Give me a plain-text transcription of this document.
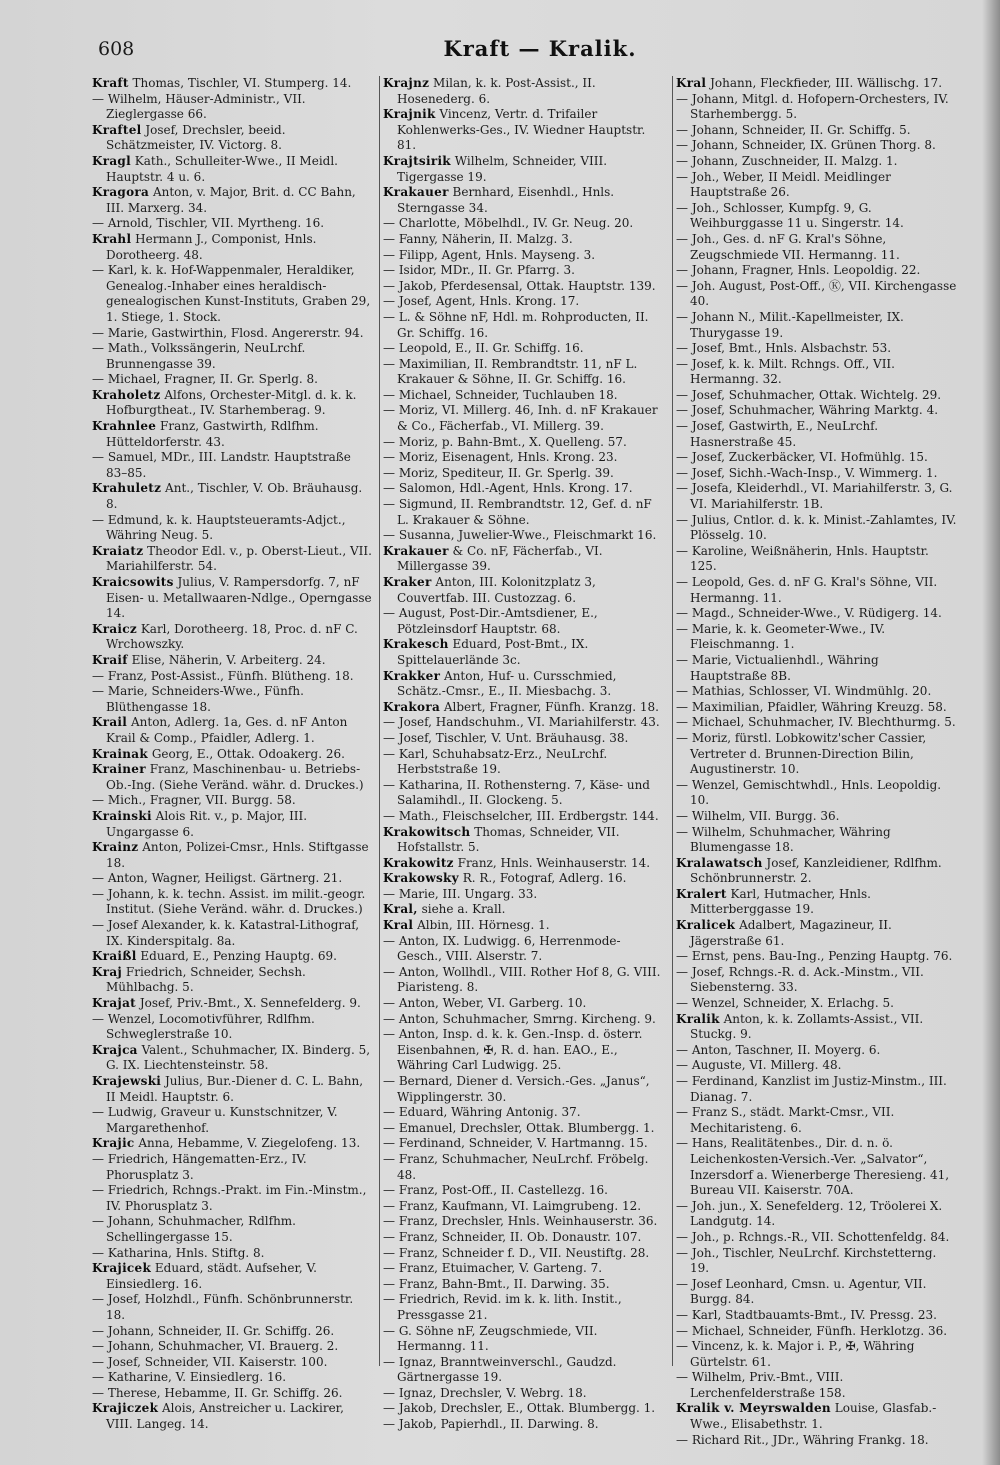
608	Kraft — Kralik.

Kraft Thomas, Tischler, VI. Stumperg. 14.

— Wilhelm, Häuser-Administr., VII. Zieglergasse 66.

Kraftel Josef, Drechsler, beeid. Schätzmeister, IV. Victorg. 8.

Kragl Kath., Schulleiter-Wwe., II Meidl. Hauptstr. 4 u. 6.

Kragora Anton, v. Major, Brit. d. CC Bahn, III. Marxerg. 34.

— Arnold, Tischler, VII. Myrtheng. 16.

Krahl Hermann J., Componist, Hnls. Dorotheerg. 48.

— Karl, k. k. Hof-Wappenmaler, Heraldiker, Genealog.-Inhaber eines heraldisch-genealogischen Kunst-Instituts, Graben 29, 1. Stiege, 1. Stock.

— Marie, Gastwirthin, Flosd. Angererstr. 94.

— Math., Volkssängerin, NeuLrchf. Brunnengasse 39.

— Michael, Fragner, II. Gr. Sperlg. 8.

Kraholetz Alfons, Orchester-Mitgl. d. k. k. Hofburgtheat., IV. Starhemberag. 9.

Krahnlee Franz, Gastwirth, Rdlfhm. Hütteldorferstr. 43.

— Samuel, MDr., III. Landstr. Hauptstraße 83–85.

Krahuletz Ant., Tischler, V. Ob. Bräuhausg. 8.

— Edmund, k. k. Hauptsteueramts-Adjct., Währing Neug. 5.

Kraiatz Theodor Edl. v., p. Oberst-Lieut., VII. Mariahilferstr. 54.

Kraicsowits Julius, V. Rampersdorfg. 7, nF Eisen- u. Metallwaaren-Ndlge., Operngasse 14.

Kraicz Karl, Dorotheerg. 18, Proc. d. nF C. Wrchowszky.

Kraif Elise, Näherin, V. Arbeiterg. 24.

— Franz, Post-Assist., Fünfh. Blütheng. 18.

— Marie, Schneiders-Wwe., Fünfh. Blüthengasse 18.

Krail Anton, Adlerg. 1a, Ges. d. nF Anton Krail & Comp., Pfaidler, Adlerg. 1.

Krainak Georg, E., Ottak. Odoakerg. 26.

Krainer Franz, Maschinenbau- u. Betriebs-Ob.-Ing. (Siehe Veränd. währ. d. Druckes.)

— Mich., Fragner, VII. Burgg. 58.

Krainski Alois Rit. v., p. Major, III. Ungargasse 6.

Krainz Anton, Polizei-Cmsr., Hnls. Stiftgasse 18.

— Anton, Wagner, Heiligst. Gärtnerg. 21.

— Johann, k. k. techn. Assist. im milit.-geogr. Institut. (Siehe Veränd. währ. d. Druckes.)

— Josef Alexander, k. k. Katastral-Lithograf, IX. Kinderspitalg. 8a.

Kraißl Eduard, E., Penzing Hauptg. 69.

Kraj Friedrich, Schneider, Sechsh. Mühlbachg. 5.

Krajat Josef, Priv.-Bmt., X. Sennefelderg. 9.

— Wenzel, Locomotivführer, Rdlfhm. Schweglerstraße 10.

Krajca Valent., Schuhmacher, IX. Binderg. 5, G. IX. Liechtensteinstr. 58.

Krajewski Julius, Bur.-Diener d. C. L. Bahn, II Meidl. Hauptstr. 6.

— Ludwig, Graveur u. Kunstschnitzer, V. Margarethenhof.

Krajic Anna, Hebamme, V. Ziegelofeng. 13.

— Friedrich, Hängematten-Erz., IV. Phorusplatz 3.

— Friedrich, Rchngs.-Prakt. im Fin.-Minstm., IV. Phorusplatz 3.

— Johann, Schuhmacher, Rdlfhm. Schellingergasse 15.

— Katharina, Hnls. Stiftg. 8.

Krajicek Eduard, städt. Aufseher, V. Einsiedlerg. 16.

— Josef, Holzhdl., Fünfh. Schönbrunnerstr. 18.

— Johann, Schneider, II. Gr. Schiffg. 26.

— Johann, Schuhmacher, VI. Brauerg. 2.

— Josef, Schneider, VII. Kaiserstr. 100.

— Katharine, V. Einsiedlerg. 16.

— Therese, Hebamme, II. Gr. Schiffg. 26.

Krajiczek Alois, Anstreicher u. Lackirer, VIII. Langeg. 14.

Krajnz Milan, k. k. Post-Assist., II. Hosenederg. 6.

Krajnik Vincenz, Vertr. d. Trifailer Kohlenwerks-Ges., IV. Wiedner Hauptstr. 81.

Krajtsirik Wilhelm, Schneider, VIII. Tigergasse 19.

Krakauer Bernhard, Eisenhdl., Hnls. Sterngasse 34.

— Charlotte, Möbelhdl., IV. Gr. Neug. 20.

— Fanny, Näherin, II. Malzg. 3.

— Filipp, Agent, Hnls. Mayseng. 3.

— Isidor, MDr., II. Gr. Pfarrg. 3.

— Jakob, Pferdesensal, Ottak. Hauptstr. 139.

— Josef, Agent, Hnls. Krong. 17.

— L. & Söhne nF, Hdl. m. Rohproducten, II. Gr. Schiffg. 16.

— Leopold, E., II. Gr. Schiffg. 16.

— Maximilian, II. Rembrandtstr. 11, nF L. Krakauer & Söhne, II. Gr. Schiffg. 16.

— Michael, Schneider, Tuchlauben 18.

— Moriz, VI. Millerg. 46, Inh. d. nF Krakauer & Co., Fächerfab., VI. Millerg. 39.

— Moriz, p. Bahn-Bmt., X. Quelleng. 57.

— Moriz, Eisenagent, Hnls. Krong. 23.

— Moriz, Spediteur, II. Gr. Sperlg. 39.

— Salomon, Hdl.-Agent, Hnls. Krong. 17.

— Sigmund, II. Rembrandtstr. 12, Gef. d. nF L. Krakauer & Söhne.

— Susanna, Juwelier-Wwe., Fleischmarkt 16.

Krakauer & Co. nF, Fächerfab., VI. Millergasse 39.

Kraker Anton, III. Kolonitzplatz 3, Couvertfab. III. Custozzag. 6.

— August, Post-Dir.-Amtsdiener, E., Pötzleinsdorf Hauptstr. 68.

Krakesch Eduard, Post-Bmt., IX. Spittelauerlände 3c.

Krakker Anton, Huf- u. Cursschmied, Schätz.-Cmsr., E., II. Miesbachg. 3.

Krakora Albert, Fragner, Fünfh. Kranzg. 18.

— Josef, Handschuhm., VI. Mariahilferstr. 43.

— Josef, Tischler, V. Unt. Bräuhausg. 38.

— Karl, Schuhabsatz-Erz., NeuLrchf. Herbststraße 19.

— Katharina, II. Rothensterng. 7, Käse- und Salamihdl., II. Glockeng. 5.

— Math., Fleischselcher, III. Erdbergstr. 144.

Krakowitsch Thomas, Schneider, VII. Hofstallstr. 5.

Krakowitz Franz, Hnls. Weinhauserstr. 14.

Krakowsky R. R., Fotograf, Adlerg. 16.

— Marie, III. Ungarg. 33.

Kral, siehe a. Krall.

Kral Albin, III. Hörnesg. 1.

— Anton, IX. Ludwigg. 6, Herrenmode-Gesch., VIII. Alserstr. 7.

— Anton, Wollhdl., VIII. Rother Hof 8, G. VIII. Piaristeng. 8.

— Anton, Weber, VI. Garberg. 10.

— Anton, Schuhmacher, Smrng. Kircheng. 9.

— Anton, Insp. d. k. k. Gen.-Insp. d. österr. Eisenbahnen, ✠, R. d. han. EAO., E., Währing Carl Ludwigg. 25.

— Bernard, Diener d. Versich.-Ges. „Janus“, Wipplingerstr. 30.

— Eduard, Währing Antonig. 37.

— Emanuel, Drechsler, Ottak. Blumbergg. 1.

— Ferdinand, Schneider, V. Hartmanng. 15.

— Franz, Schuhmacher, NeuLrchf. Fröbelg. 48.

— Franz, Post-Off., II. Castellezg. 16.

— Franz, Kaufmann, VI. Laimgrubeng. 12.

— Franz, Drechsler, Hnls. Weinhauserstr. 36.

— Franz, Schneider, II. Ob. Donaustr. 107.

— Franz, Schneider f. D., VII. Neustiftg. 28.

— Franz, Etuimacher, V. Garteng. 7.

— Franz, Bahn-Bmt., II. Darwing. 35.

— Friedrich, Revid. im k. k. lith. Instit., Pressgasse 21.

— G. Söhne nF, Zeugschmiede, VII. Hermanng. 11.

— Ignaz, Branntweinverschl., Gaudzd. Gärtnergasse 19.

— Ignaz, Drechsler, V. Webrg. 18.

— Jakob, Drechsler, E., Ottak. Blumbergg. 1.

— Jakob, Papierhdl., II. Darwing. 8.

Kral Johann, Fleckfieder, III. Wällischg. 17.

— Johann, Mitgl. d. Hofopern-Orchesters, IV. Starhembergg. 5.

— Johann, Schneider, II. Gr. Schiffg. 5.

— Johann, Schneider, IX. Grünen Thorg. 8.

— Johann, Zuschneider, II. Malzg. 1.

— Joh., Weber, II Meidl. Meidlinger Hauptstraße 26.

— Joh., Schlosser, Kumpfg. 9, G. Weihburggasse 11 u. Singerstr. 14.

— Joh., Ges. d. nF G. Kral's Söhne, Zeugschmiede VII. Hermanng. 11.

— Johann, Fragner, Hnls. Leopoldig. 22.

— Joh. August, Post-Off., Ⓚ, VII. Kirchengasse 40.

— Johann N., Milit.-Kapellmeister, IX. Thurygasse 19.

— Josef, Bmt., Hnls. Alsbachstr. 53.

— Josef, k. k. Milt. Rchngs. Off., VII. Hermanng. 32.

— Josef, Schuhmacher, Ottak. Wichtelg. 29.

— Josef, Schuhmacher, Währing Marktg. 4.

— Josef, Gastwirth, E., NeuLrchf. Hasnerstraße 45.

— Josef, Zuckerbäcker, VI. Hofmühlg. 15.

— Josef, Sichh.-Wach-Insp., V. Wimmerg. 1.

— Josefa, Kleiderhdl., VI. Mariahilferstr. 3, G. VI. Mariahilferstr. 1B.

— Julius, Cntlor. d. k. k. Minist.-Zahlamtes, IV. Plösselg. 10.

— Karoline, Weißnäherin, Hnls. Hauptstr. 125.

— Leopold, Ges. d. nF G. Kral's Söhne, VII. Hermanng. 11.

— Magd., Schneider-Wwe., V. Rüdigerg. 14.

— Marie, k. k. Geometer-Wwe., IV. Fleischmanng. 1.

— Marie, Victualienhdl., Währing Hauptstraße 8B.

— Mathias, Schlosser, VI. Windmühlg. 20.

— Maximilian, Pfaidler, Währing Kreuzg. 58.

— Michael, Schuhmacher, IV. Blechthurmg. 5.

— Moriz, fürstl. Lobkowitz'scher Cassier, Vertreter d. Brunnen-Direction Bilin, Augustinerstr. 10.

— Wenzel, Gemischtwhdl., Hnls. Leopoldig. 10.

— Wilhelm, VII. Burgg. 36.

— Wilhelm, Schuhmacher, Währing Blumengasse 18.

Kralawatsch Josef, Kanzleidiener, Rdlfhm. Schönbrunnerstr. 2.

Kralert Karl, Hutmacher, Hnls. Mitterberggasse 19.

Kralicek Adalbert, Magazineur, II. Jägerstraße 61.

— Ernst, pens. Bau-Ing., Penzing Hauptg. 76.

— Josef, Rchngs.-R. d. Ack.-Minstm., VII. Siebensterng. 33.

— Wenzel, Schneider, X. Erlachg. 5.

Kralik Anton, k. k. Zollamts-Assist., VII. Stuckg. 9.

— Anton, Taschner, II. Moyerg. 6.

— Auguste, VI. Millerg. 48.

— Ferdinand, Kanzlist im Justiz-Minstm., III. Dianag. 7.

— Franz S., städt. Markt-Cmsr., VII. Mechitaristeng. 6.

— Hans, Realitätenbes., Dir. d. n. ö. Leichenkosten-Versich.-Ver. „Salvator“, Inzersdorf a. Wienerberge Theresieng. 41, Bureau VII. Kaiserstr. 70A.

— Joh. jun., X. Senefelderg. 12, Tröolerei X. Landgutg. 14.

— Joh., p. Rchngs.-R., VII. Schottenfeldg. 84.

— Joh., Tischler, NeuLrchf. Kirchstetterng. 19.

— Josef Leonhard, Cmsn. u. Agentur, VII. Burgg. 84.

— Karl, Stadtbauamts-Bmt., IV. Pressg. 23.

— Michael, Schneider, Fünfh. Herklotzg. 36.

— Vincenz, k. k. Major i. P., ✠, Währing Gürtelstr. 61.

— Wilhelm, Priv.-Bmt., VIII. Lerchenfelderstraße 158.

Kralik v. Meyrswalden Louise, Glasfab.-Wwe., Elisabethstr. 1.

— Richard Rit., JDr., Währing Frankg. 18.
